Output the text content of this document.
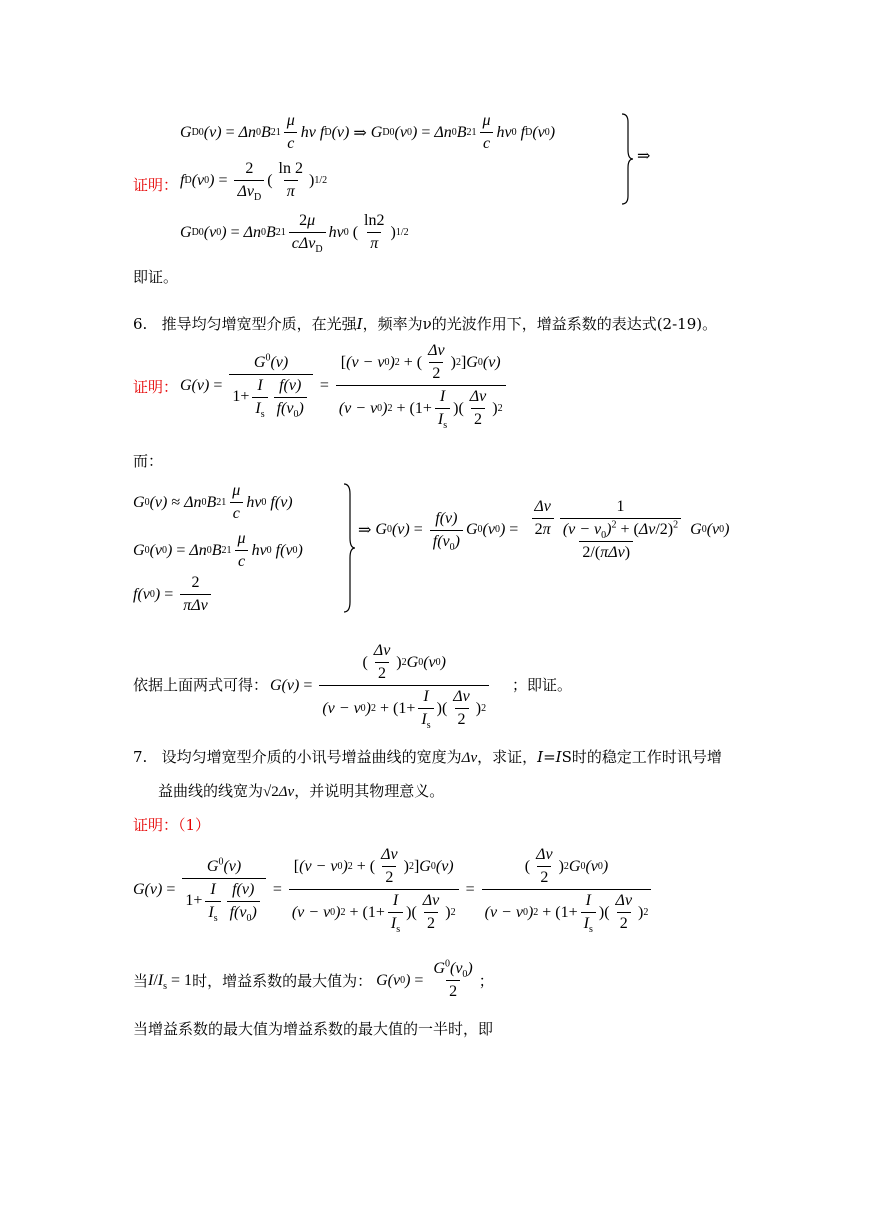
G D 0 (ν) = Δn 0 B $21 \frac{\mu}{c}$ hν f D (ν) ⇒ G D 0 (ν 0 ) = Δn 0 B $21 \frac{\mu}{c}$ hν 0 f D (ν 0 )
⇒
证明： f D (ν 0 ) = $\frac{2}{\Delta\nu_D}$ ( $\frac{\ln 2}{\pi}$ ) 1/2
G D 0 (ν 0 ) = Δn 0 B $21 \frac{2\mu}{c\Delta\nu_D}$ hν 0
( $\frac{\ln 2}{\pi}$ ) 1/2
即证。
6. 推导均匀增宽型介质，在光强I，频率为ν的光波作用下，增益系数的表达式(2-19)。
证明： $G(\nu) = \frac{G^0(\nu)}{1+ \frac{I}{I_s} \frac{f(\nu)}{f(\nu_0)}} = \frac{[ (\nu - \nu 0 ) 2 + ( \frac{\Delta\nu}{2} ) 2 ] G 0 (\nu)}{(\nu - \nu 0 ) 2 + (1+ \frac{I}{I_s} )( \frac{\Delta\nu}{2} ) 2}$
而：
G 0 (ν) ≈ Δn 0 B $21 \frac{\mu}{c}$ hν 0 f(ν)
G 0 (ν 0 ) = Δn 0 B $21 \frac{\mu}{c}$ hν 0 f(ν 0 )
f(ν 0 ) = $\frac{2}{\text{πΔν}}$
⇒ G 0 $(\nu) = \frac{f(\nu)}{f(\nu_0)}$ G 0 (ν 0 ) = $\frac{\frac{\Delta\nu}{2\pi} \frac{1}{(\nu - \nu_0)^2 + (\Delta\nu/2)^2}}{\text{2/(πΔν)}}$ G 0 (ν 0 )
依据上面两式可得： $G(\nu) = \frac{( \frac{\Delta\nu}{2} ) 2 G 0 (\nu 0 )}{(\nu - \nu 0 ) 2 + (1+ \frac{I}{I_s} )( \frac{\Delta\nu}{2} ) 2}$ ；即证。
7. 设均匀增宽型介质的小讯号增益曲线的宽度为Δν，求证，I=IS时的稳定工作时讯号增
益曲线的线宽为√2Δν，并说明其物理意义。
证明：（1）
$G(\nu) = \frac{G^0(\nu)}{1+ \frac{I}{I_s} \frac{f(\nu)}{f(\nu_0)}} = \frac{[ (\nu - \nu 0 ) 2 + ( \frac{\Delta\nu}{2} ) 2 ] G 0 (\nu)}{(\nu - \nu 0 ) 2 + (1+ \frac{I}{I_s} )( \frac{\Delta\nu}{2} ) 2} = \frac{( \frac{\Delta\nu}{2} ) 2 G 0 (\nu 0 )}{(\nu - \nu 0 ) 2 + (1+ \frac{I}{I_s} )( \frac{\Delta\nu}{2} ) 2}$
当 $I/I_s = 1$ 时，增益系数的最大值为： G(ν 0 ) = $\frac{G^0(\nu_0)}{2}$ ；
当增益系数的最大值为增益系数的最大值的一半时，即
